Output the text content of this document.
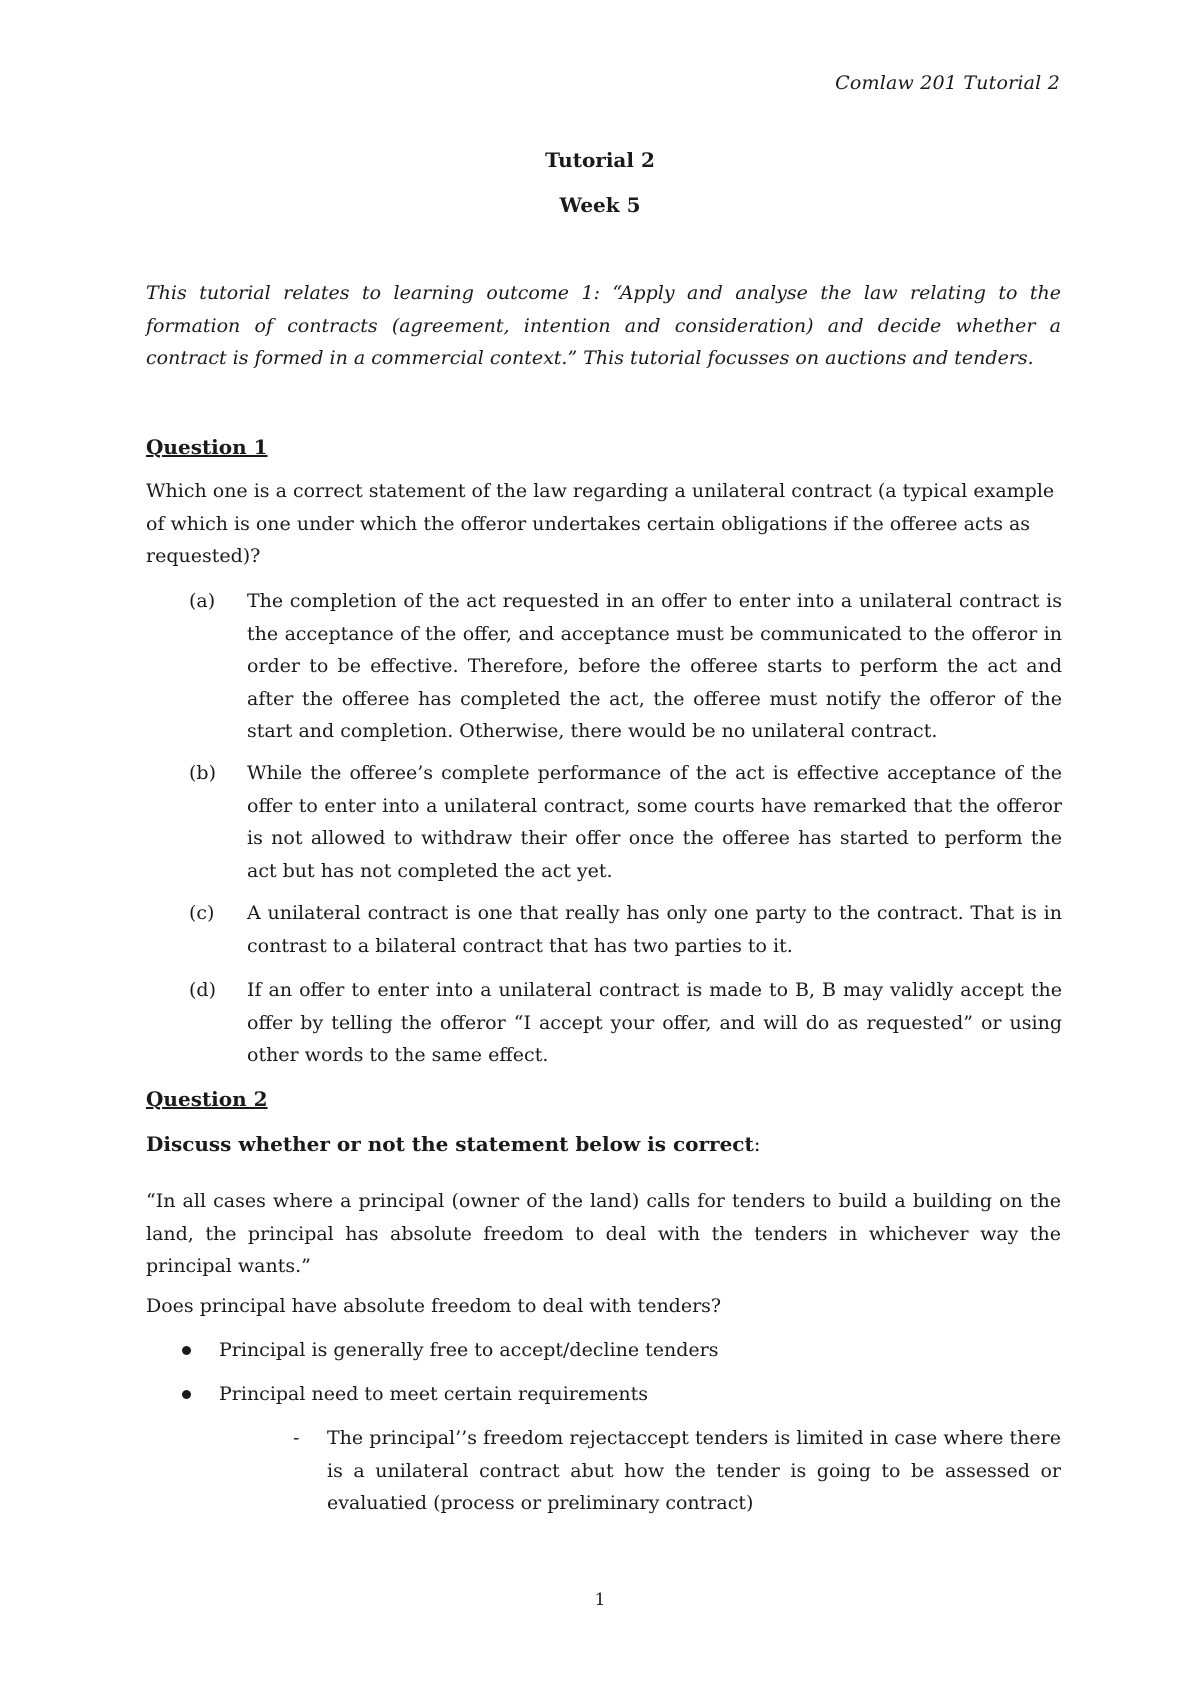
Comlaw 201 Tutorial 2
Tutorial 2
Week 5
This tutorial relates to learning outcome 1: “Apply and analyse the law relating to the formation of contracts (agreement, intention and consideration) and decide whether a contract is formed in a commercial context.” This tutorial focusses on auctions and tenders.
Question 1
Which one is a correct statement of the law regarding a unilateral contract (a typical example of which is one under which the offeror undertakes certain obligations if the offeree acts as requested)?
(a) The completion of the act requested in an offer to enter into a unilateral contract is the acceptance of the offer, and acceptance must be communicated to the offeror in order to be effective. Therefore, before the offeree starts to perform the act and after the offeree has completed the act, the offeree must notify the offeror of the start and completion. Otherwise, there would be no unilateral contract.
(b) While the offeree’s complete performance of the act is effective acceptance of the offer to enter into a unilateral contract, some courts have remarked that the offeror is not allowed to withdraw their offer once the offeree has started to perform the act but has not completed the act yet.
(c) A unilateral contract is one that really has only one party to the contract. That is in contrast to a bilateral contract that has two parties to it.
(d) If an offer to enter into a unilateral contract is made to B, B may validly accept the offer by telling the offeror “I accept your offer, and will do as requested” or using other words to the same effect.
Question 2
Discuss whether or not the statement below is correct:
“In all cases where a principal (owner of the land) calls for tenders to build a building on the land, the principal has absolute freedom to deal with the tenders in whichever way the principal wants.”
Does principal have absolute freedom to deal with tenders?
Principal is generally free to accept/decline tenders
Principal need to meet certain requirements
- The principal’’s freedom rejectaccept tenders is limited in case where there is a unilateral contract abut how the tender is going to be assessed or evaluatied (process or preliminary contract)
1
